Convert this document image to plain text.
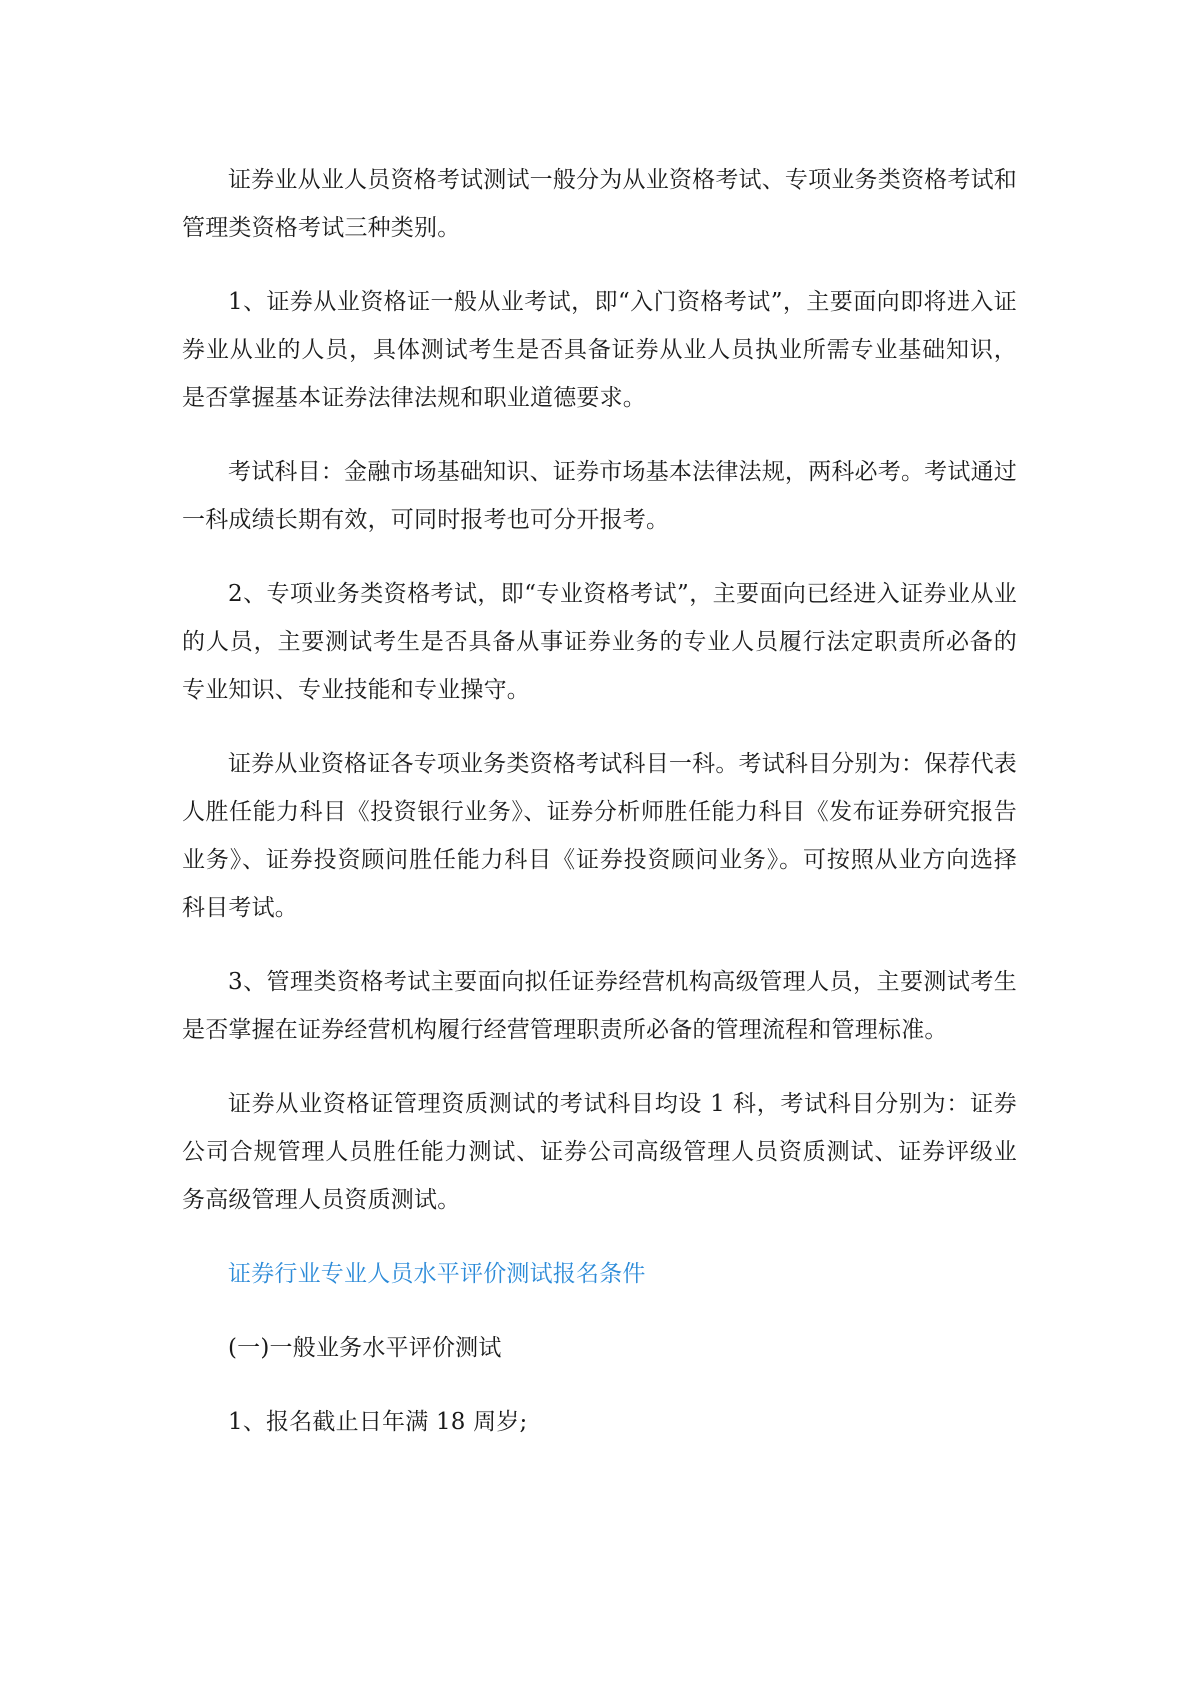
证券业从业人员资格考试测试一般分为从业资格考试、专项业务类资格考试和管理类资格考试三种类别。

1、证券从业资格证一般从业考试，即“入门资格考试”，主要面向即将进入证券业从业的人员，具体测试考生是否具备证券从业人员执业所需专业基础知识，是否掌握基本证券法律法规和职业道德要求。

考试科目：金融市场基础知识、证券市场基本法律法规，两科必考。考试通过一科成绩长期有效，可同时报考也可分开报考。

2、专项业务类资格考试，即“专业资格考试”，主要面向已经进入证券业从业的人员，主要测试考生是否具备从事证券业务的专业人员履行法定职责所必备的专业知识、专业技能和专业操守。

证券从业资格证各专项业务类资格考试科目一科。考试科目分别为：保荐代表人胜任能力科目《投资银行业务》、证券分析师胜任能力科目《发布证券研究报告业务》、证券投资顾问胜任能力科目《证券投资顾问业务》。可按照从业方向选择科目考试。

3、管理类资格考试主要面向拟任证券经营机构高级管理人员，主要测试考生是否掌握在证券经营机构履行经营管理职责所必备的管理流程和管理标准。

证券从业资格证管理资质测试的考试科目均设 1 科，考试科目分别为：证券公司合规管理人员胜任能力测试、证券公司高级管理人员资质测试、证券评级业务高级管理人员资质测试。

证券行业专业人员水平评价测试报名条件

(一)一般业务水平评价测试

1、报名截止日年满 18 周岁;
